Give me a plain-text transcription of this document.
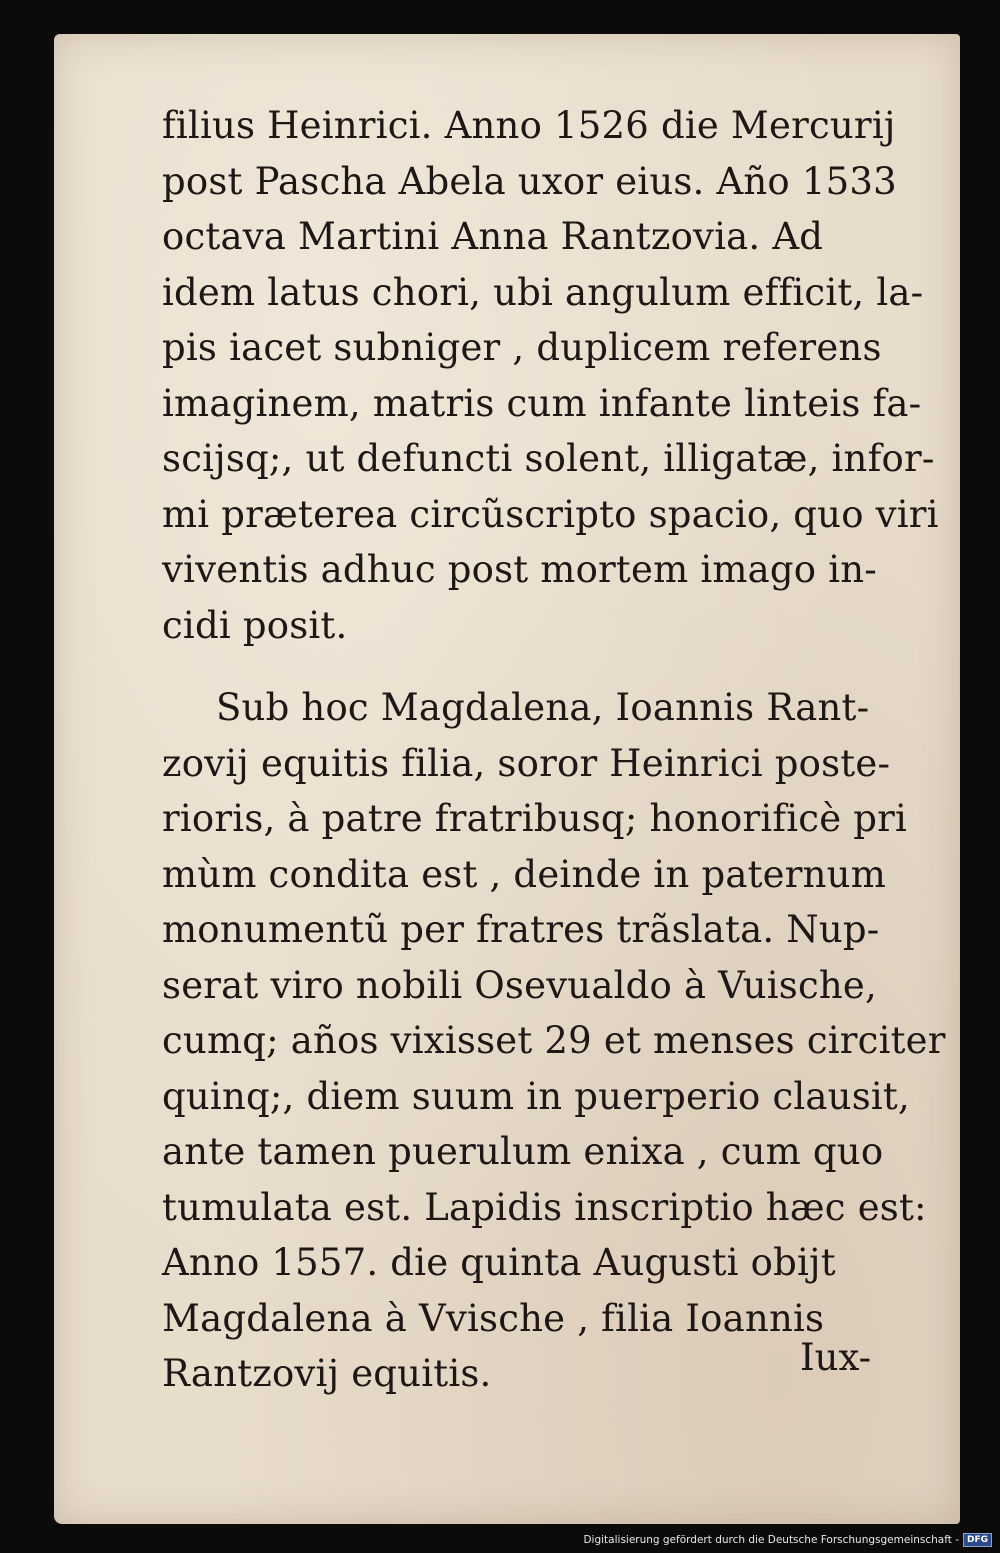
filius Heinrici. Anno 1526 die Mercurij
post Pascha Abela uxor eius. Año 1533
octava Martini Anna Rantzovia. Ad
idem latus chori, ubi angulum efficit, la-
pis iacet subniger , duplicem referens
imaginem, matris cum infante linteis fa-
scijsq;, ut defuncti solent, illigatæ, infor-
mi præterea circũscripto spacio, quo viri
viventis adhuc post mortem imago in-
cidi posit.
Sub hoc Magdalena, Ioannis Rant-
zovij equitis filia, soror Heinrici poste-
rioris, à patre fratribusq; honorificè pri
mùm condita est , deinde in paternum
monumentũ per fratres trãslata. Nup-
serat viro nobili Osevualdo à Vuische,
cumq; años vixisset 29 et menses circiter
quinq;, diem suum in puerperio clausit,
ante tamen puerulum enixa , cum quo
tumulata est. Lapidis inscriptio hæc est:
Anno 1557. die quinta Augusti obijt
Magdalena à Vvische , filia Ioannis
Rantzovij equitis.	Iux-
Digitalisierung gefördert durch die Deutsche Forschungsgemeinschaft - DFG
